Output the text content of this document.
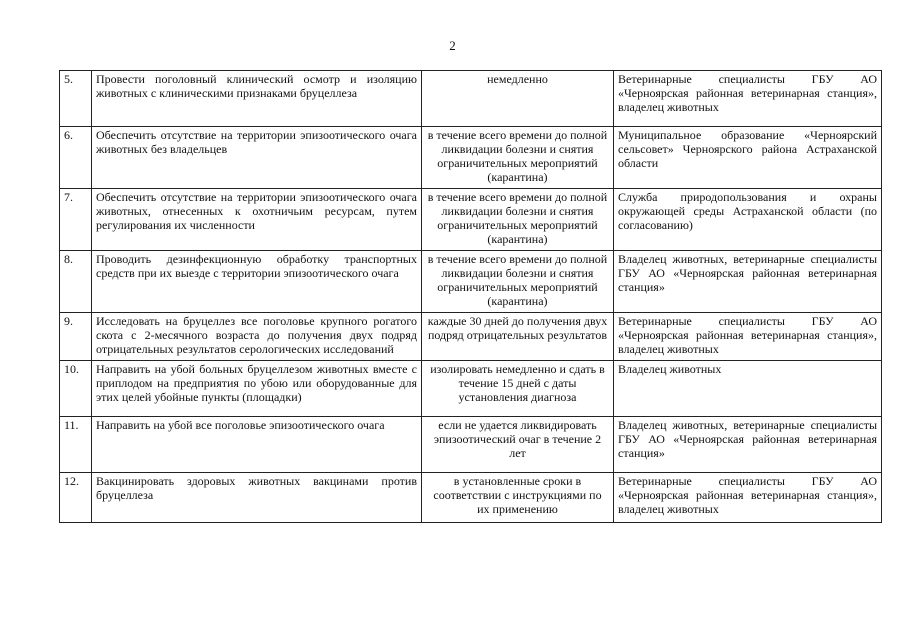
2
5.	Провести поголовный клинический осмотр и изоляцию животных с клиническими признаками бруцеллеза	немедленно	Ветеринарные специалисты ГБУ АО «Черноярская районная ветеринарная станция», владелец животных
6.	Обеспечить отсутствие на территории эпизоотического очага животных без владельцев	в течение всего времени до полной ликвидации болезни и снятия ограничительных мероприятий (карантина)	Муниципальное образование «Черноярский сельсовет» Черноярского района Астраханской области
7.	Обеспечить отсутствие на территории эпизоотического очага животных, отнесенных к охотничьим ресурсам, путем регулирования их численности	в течение всего времени до полной ликвидации болезни и снятия ограничительных мероприятий (карантина)	Служба природопользования и охраны окружающей среды Астраханской области (по согласованию)
8.	Проводить дезинфекционную обработку транспортных средств при их выезде с территории эпизоотического очага	в течение всего времени до полной ликвидации болезни и снятия ограничительных мероприятий (карантина)	Владелец животных, ветеринарные специалисты ГБУ АО «Черноярская районная ветеринарная станция»
9.	Исследовать на бруцеллез все поголовье крупного рогатого скота с 2-месячного возраста до получения двух подряд отрицательных результатов серологических исследований	каждые 30 дней до получения двух подряд отрицательных результатов	Ветеринарные специалисты ГБУ АО «Черноярская районная ветеринарная станция», владелец животных
10.	Направить на убой больных бруцеллезом животных вместе с приплодом на предприятия по убою или оборудованные для этих целей убойные пункты (площадки)	изолировать немедленно и сдать в течение 15 дней с даты установления диагноза	Владелец животных
11.	Направить на убой все поголовье эпизоотического очага	если не удается ликвидировать эпизоотический очаг в течение 2 лет	Владелец животных, ветеринарные специалисты ГБУ АО «Черноярская районная ветеринарная станция»
12.	Вакцинировать здоровых животных вакцинами против бруцеллеза	в установленные сроки в соответствии с инструкциями по их применению	Ветеринарные специалисты ГБУ АО «Черноярская районная ветеринарная станция», владелец животных
